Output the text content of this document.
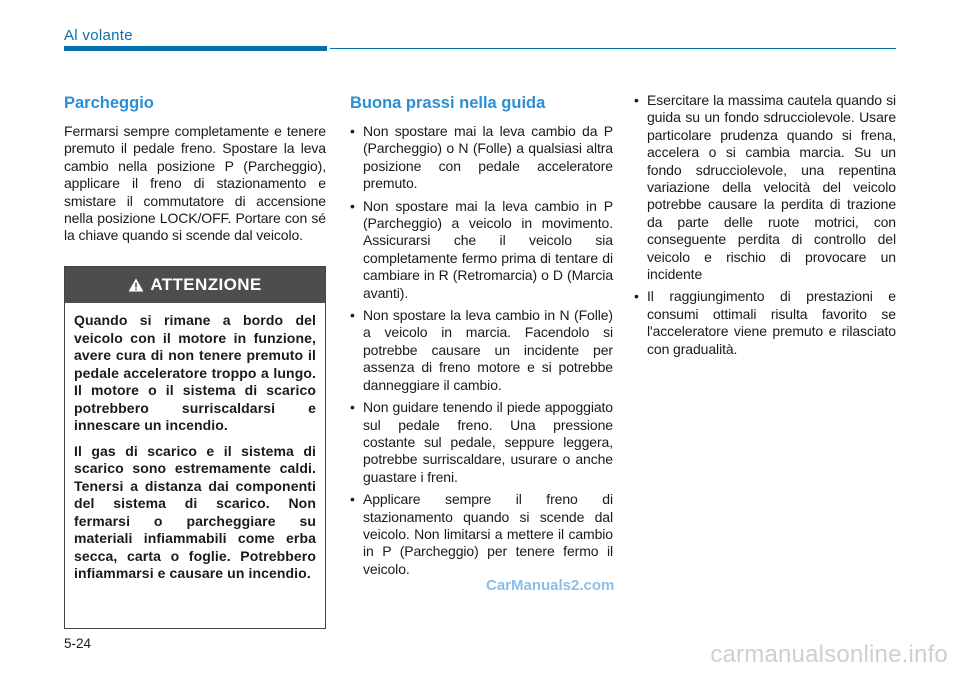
Al volante
Parcheggio

Fermarsi sempre completamente e tenere premuto il pedale freno. Spostare la leva cambio nella posizione P (Parcheggio), applicare il freno di stazionamento e smistare il commutatore di accensione nella posizione LOCK/OFF. Portare con sé la chiave quando si scende dal veicolo.

ATTENZIONE

Quando si rimane a bordo del veicolo con il motore in funzione, avere cura di non tenere premuto il pedale acceleratore troppo a lungo. Il motore o il sistema di scarico potrebbero surriscaldarsi e innescare un incendio.

Il gas di scarico e il sistema di scarico sono estremamente caldi. Tenersi a distanza dai componenti del sistema di scarico. Non fermarsi o parcheggiare su materiali infiammabili come erba secca, carta o foglie. Potrebbero infiammarsi e causare un incendio.

Buona prassi nella guida
• Non spostare mai la leva cambio da P (Parcheggio) o N (Folle) a qualsiasi altra posizione con pedale acceleratore premuto.
• Non spostare mai la leva cambio in P (Parcheggio) a veicolo in movimento. Assicurarsi che il veicolo sia completamente fermo prima di tentare di cambiare in R (Retromarcia) o D (Marcia avanti).
• Non spostare la leva cambio in N (Folle) a veicolo in marcia. Facendolo si potrebbe causare un incidente per assenza di freno motore e si potrebbe danneggiare il cambio.
• Non guidare tenendo il piede appoggiato sul pedale freno. Una pressione costante sul pedale, seppure leggera, potrebbe surriscaldare, usurare o anche guastare i freni.
• Applicare sempre il freno di stazionamento quando si scende dal veicolo. Non limitarsi a mettere il cambio in P (Parcheggio) per tenere fermo il veicolo.
• Esercitare la massima cautela quando si guida su un fondo sdrucciolevole. Usare particolare prudenza quando si frena, accelera o si cambia marcia. Su un fondo sdrucciolevole, una repentina variazione della velocità del veicolo potrebbe causare la perdita di trazione da parte delle ruote motrici, con conseguente perdita di controllo del veicolo e rischio di provocare un incidente
• Il raggiungimento di prestazioni e consumi ottimali risulta favorito se l'acceleratore viene premuto e rilasciato con gradualità.
CarManuals2.com
5-24	carmanualsonline.info
